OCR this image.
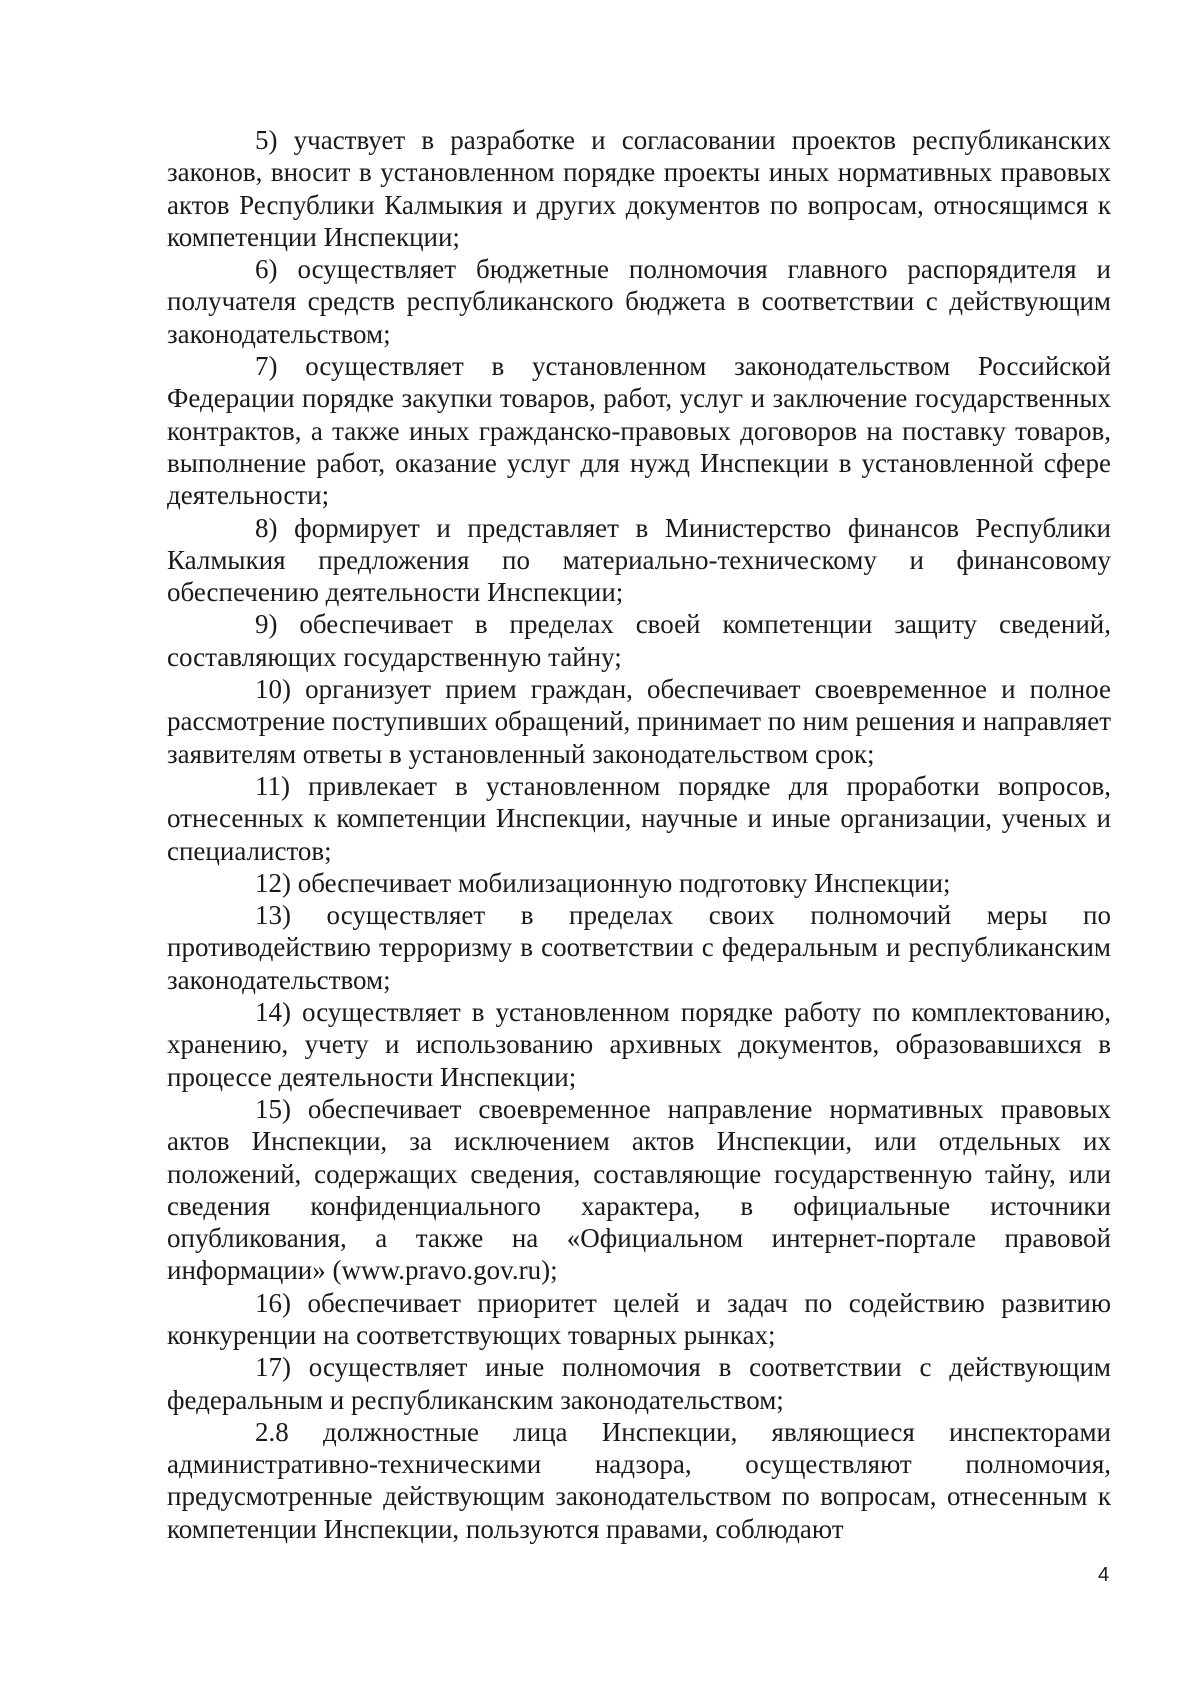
5) участвует в разработке и согласовании проектов республиканских законов, вносит в установленном порядке проекты иных нормативных правовых актов Республики Калмыкия и других документов по вопросам, относящимся к компетенции Инспекции;

6) осуществляет бюджетные полномочия главного распорядителя и получателя средств республиканского бюджета в соответствии с действующим законодательством;

7) осуществляет в установленном законодательством Российской Федерации порядке закупки товаров, работ, услуг и заключение государственных контрактов, а также иных гражданско-правовых договоров на поставку товаров, выполнение работ, оказание услуг для нужд Инспекции в установленной сфере деятельности;

8) формирует и представляет в Министерство финансов Республики Калмыкия предложения по материально-техническому и финансовому обеспечению деятельности Инспекции;

9) обеспечивает в пределах своей компетенции защиту сведений, составляющих государственную тайну;

10) организует прием граждан, обеспечивает своевременное и полное рассмотрение поступивших обращений, принимает по ним решения и направляет заявителям ответы в установленный законодательством срок;

11) привлекает в установленном порядке для проработки вопросов, отнесенных к компетенции Инспекции, научные и иные организации, ученых и специалистов;

12) обеспечивает мобилизационную подготовку Инспекции;

13) осуществляет в пределах своих полномочий меры по противодействию терроризму в соответствии с федеральным и республиканским законодательством;

14) осуществляет в установленном порядке работу по комплектованию, хранению, учету и использованию архивных документов, образовавшихся в процессе деятельности Инспекции;

15) обеспечивает своевременное направление нормативных правовых актов Инспекции, за исключением актов Инспекции, или отдельных их положений, содержащих сведения, составляющие государственную тайну, или сведения конфиденциального характера, в официальные источники опубликования, а также на «Официальном интернет-портале правовой информации» (www.pravo.gov.ru);

16) обеспечивает приоритет целей и задач по содействию развитию конкуренции на соответствующих товарных рынках;

17) осуществляет иные полномочия в соответствии с действующим федеральным и республиканским законодательством;

2.8 должностные лица Инспекции, являющиеся инспекторами административно-техническими надзора, осуществляют полномочия, предусмотренные действующим законодательством по вопросам, отнесенным к компетенции Инспекции, пользуются правами, соблюдают

4
